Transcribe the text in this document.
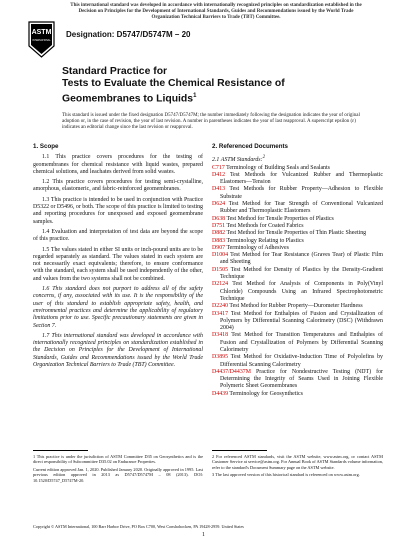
This international standard was developed in accordance with internationally recognized principles on standardization established in the Decision on Principles for the Development of International Standards, Guides and Recommendations issued by the World Trade Organization Technical Barriers to Trade (TBT) Committee.
ASTM
INTERNATIONAL
Designation: D5747/D5747M – 20
Standard Practice for
Tests to Evaluate the Chemical Resistance of
Geomembranes to Liquids$^1$
This standard is issued under the fixed designation D5747/D5747M; the number immediately following the designation indicates the year of original adoption or, in the case of revision, the year of last revision. A number in parentheses indicates the year of last reapproval. A superscript epsilon (ε) indicates an editorial change since the last revision or reapproval.
1. Scope

1.1 This practice covers procedures for the testing of geomembranes for chemical resistance with liquid wastes, prepared chemical solutions, and leachates derived from solid wastes.

1.2 This practice covers procedures for testing semi-crystalline, amorphous, elastomeric, and fabric-reinforced geomembranes.

1.3 This practice is intended to be used in conjunction with Practice D5322 or D5496, or both. The scope of this practice is limited to testing and reporting procedures for unexposed and exposed geomembrane samples.

1.4 Evaluation and interpretation of test data are beyond the scope of this practice.

1.5 The values stated in either SI units or inch-pound units are to be regarded separately as standard. The values stated in each system are not necessarily exact equivalents; therefore, to ensure conformance with the standard, each system shall be used independently of the other, and values from the two systems shall not be combined.

1.6 This standard does not purport to address all of the safety concerns, if any, associated with its use. It is the responsibility of the user of this standard to establish appropriate safety, health, and environmental practices and determine the applicability of regulatory limitations prior to use. Specific precautionary statements are given in Section 7.

1.7 This international standard was developed in accordance with internationally recognized principles on standardization established in the Decision on Principles for the Development of International Standards, Guides and Recommendations issued by the World Trade Organization Technical Barriers to Trade (TBT) Committee.

2. Referenced Documents

2.1 ASTM Standards:$^2$

C717 Terminology of Building Seals and Sealants

D412 Test Methods for Vulcanized Rubber and Thermoplastic Elastomers—Tension

D413 Test Methods for Rubber Property—Adhesion to Flexible Substrate

D624 Test Method for Tear Strength of Conventional Vulcanized Rubber and Thermoplastic Elastomers

D638 Test Method for Tensile Properties of Plastics

D751 Test Methods for Coated Fabrics

D882 Test Method for Tensile Properties of Thin Plastic Sheeting

D883 Terminology Relating to Plastics

D907 Terminology of Adhesives

D1004 Test Method for Tear Resistance (Graves Tear) of Plastic Film and Sheeting

D1505 Test Method for Density of Plastics by the Density-Gradient Technique

D2124 Test Method for Analysis of Components in Poly(Vinyl Chloride) Compounds Using an Infrared Spectrophotometric Technique

D2240 Test Method for Rubber Property—Durometer Hardness

D3417 Test Method for Enthalpies of Fusion and Crystallization of Polymers by Differential Scanning Calorimetry (DSC) (Withdrawn 2004)

D3418 Test Method for Transition Temperatures and Enthalpies of Fusion and Crystallization of Polymers by Differential Scanning Calorimetry

D3895 Test Method for Oxidative-Induction Time of Polyolefins by Differential Scanning Calorimetry

D4437/D4437M Practice for Nondestructive Testing (NDT) for Determining the Integrity of Seams Used in Joining Flexible Polymeric Sheet Geomembranes

D4439 Terminology for Geosynthetics

1 This practice is under the jurisdiction of ASTM Committee D35 on Geosynthetics and is the direct responsibility of Subcommittee D35.02 on Endurance Properties.

Current edition approved Jan. 1, 2020. Published January 2020. Originally approved in 1995. Last previous edition approved in 2013 as D5747/D5747M – 08 (2013). DOI: 10.1520/D5747_D5747M-20.

2 For referenced ASTM standards, visit the ASTM website, www.astm.org, or contact ASTM Customer Service at service@astm.org. For Annual Book of ASTM Standards volume information, refer to the standard's Document Summary page on the ASTM website.

3 The last approved version of this historical standard is referenced on www.astm.org.

Copyright © ASTM International, 100 Barr Harbor Drive, PO Box C700, West Conshohocken, PA 19428-2959. United States
1
